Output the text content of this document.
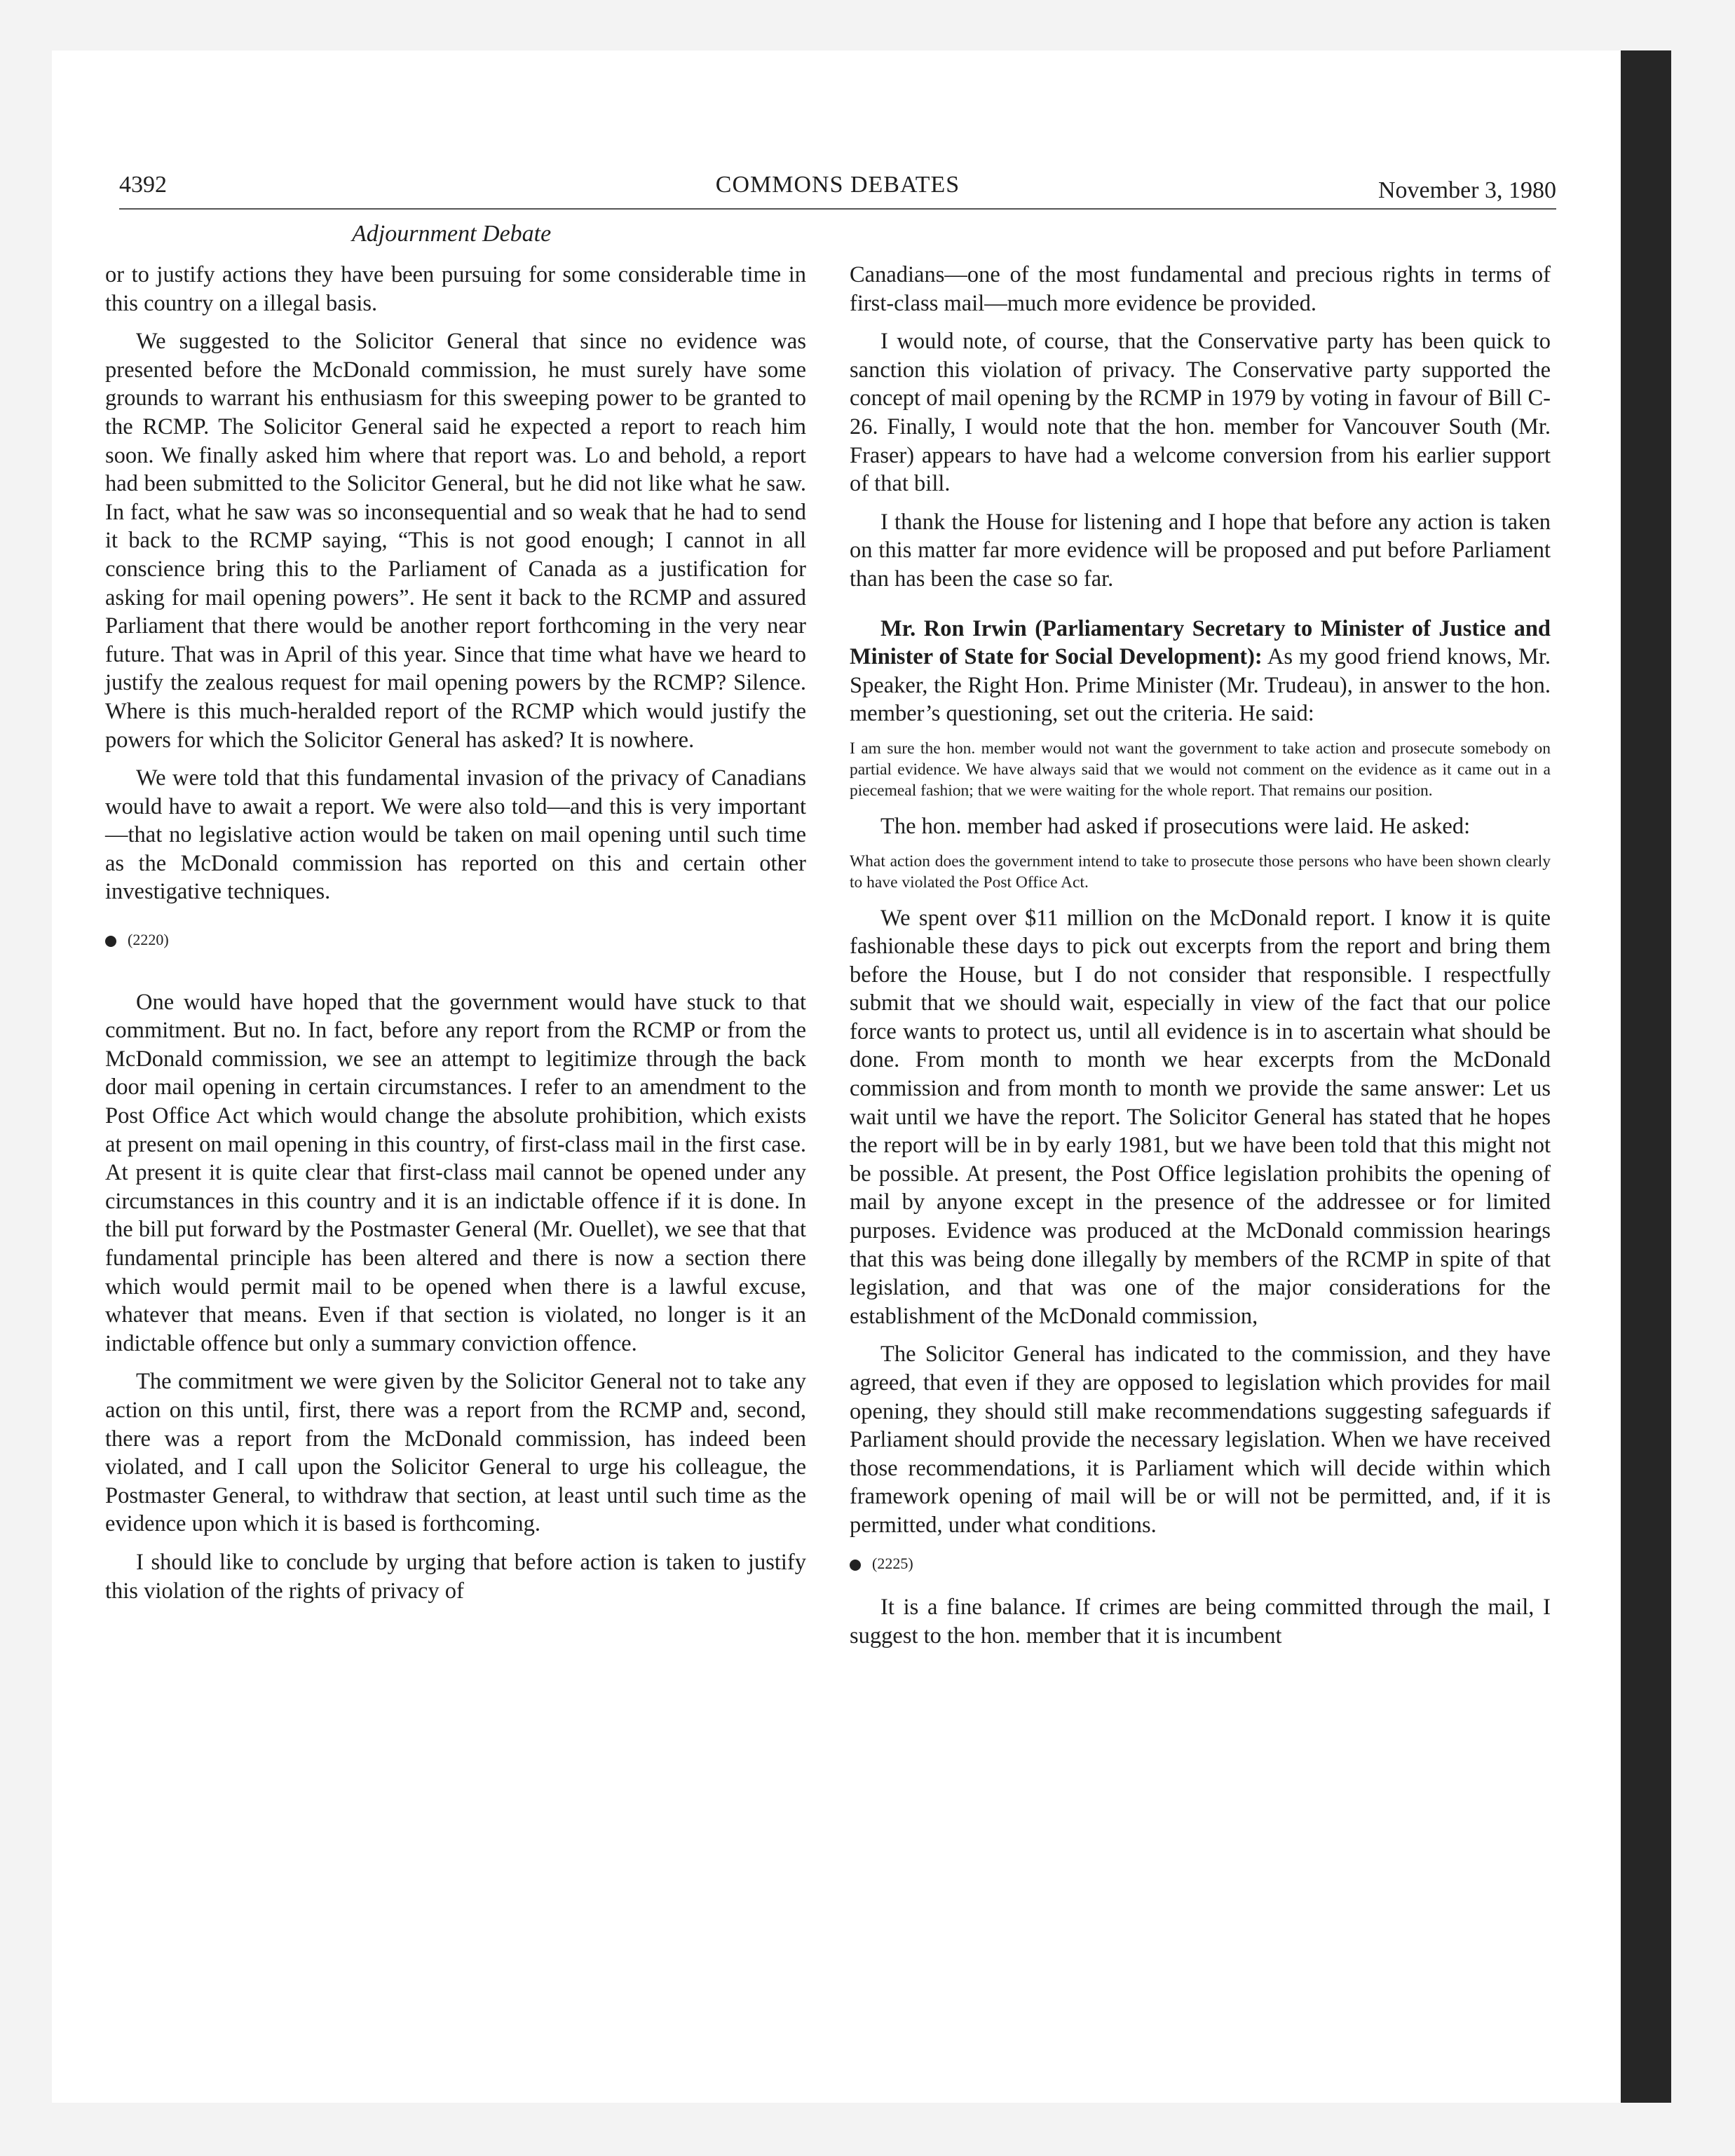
4392	COMMONS DEBATES	November 3, 1980
Adjournment Debate

or to justify actions they have been pursuing for some considerable time in this country on a illegal basis.

We suggested to the Solicitor General that since no evidence was presented before the McDonald commission, he must surely have some grounds to warrant his enthusiasm for this sweeping power to be granted to the RCMP. The Solicitor General said he expected a report to reach him soon. We finally asked him where that report was. Lo and behold, a report had been submitted to the Solicitor General, but he did not like what he saw. In fact, what he saw was so inconsequential and so weak that he had to send it back to the RCMP saying, “This is not good enough; I cannot in all conscience bring this to the Parliament of Canada as a justification for asking for mail opening powers”. He sent it back to the RCMP and assured Parliament that there would be another report forthcoming in the very near future. That was in April of this year. Since that time what have we heard to justify the zealous request for mail opening powers by the RCMP? Silence. Where is this much-heralded report of the RCMP which would justify the powers for which the Solicitor General has asked? It is nowhere.

We were told that this fundamental invasion of the privacy of Canadians would have to await a report. We were also told—and this is very important—that no legislative action would be taken on mail opening until such time as the McDonald commission has reported on this and certain other investigative techniques.

(2220)

One would have hoped that the government would have stuck to that commitment. But no. In fact, before any report from the RCMP or from the McDonald commission, we see an attempt to legitimize through the back door mail opening in certain circumstances. I refer to an amendment to the Post Office Act which would change the absolute prohibition, which exists at present on mail opening in this country, of first-class mail in the first case. At present it is quite clear that first-class mail cannot be opened under any circumstances in this country and it is an indictable offence if it is done. In the bill put forward by the Postmaster General (Mr. Ouellet), we see that that fundamental principle has been altered and there is now a section there which would permit mail to be opened when there is a lawful excuse, whatever that means. Even if that section is violated, no longer is it an indictable offence but only a summary conviction offence.

The commitment we were given by the Solicitor General not to take any action on this until, first, there was a report from the RCMP and, second, there was a report from the McDonald commission, has indeed been violated, and I call upon the Solicitor General to urge his colleague, the Postmaster General, to withdraw that section, at least until such time as the evidence upon which it is based is forthcoming.

I should like to conclude by urging that before action is taken to justify this violation of the rights of privacy of

Canadians—one of the most fundamental and precious rights in terms of first-class mail—much more evidence be provided.

I would note, of course, that the Conservative party has been quick to sanction this violation of privacy. The Conservative party supported the concept of mail opening by the RCMP in 1979 by voting in favour of Bill C-26. Finally, I would note that the hon. member for Vancouver South (Mr. Fraser) appears to have had a welcome conversion from his earlier support of that bill.

I thank the House for listening and I hope that before any action is taken on this matter far more evidence will be proposed and put before Parliament than has been the case so far.

Mr. Ron Irwin (Parliamentary Secretary to Minister of Justice and Minister of State for Social Development): As my good friend knows, Mr. Speaker, the Right Hon. Prime Minister (Mr. Trudeau), in answer to the hon. member’s questioning, set out the criteria. He said:

I am sure the hon. member would not want the government to take action and prosecute somebody on partial evidence. We have always said that we would not comment on the evidence as it came out in a piecemeal fashion; that we were waiting for the whole report. That remains our position.

The hon. member had asked if prosecutions were laid. He asked:

What action does the government intend to take to prosecute those persons who have been shown clearly to have violated the Post Office Act.

We spent over $11 million on the McDonald report. I know it is quite fashionable these days to pick out excerpts from the report and bring them before the House, but I do not consider that responsible. I respectfully submit that we should wait, especially in view of the fact that our police force wants to protect us, until all evidence is in to ascertain what should be done. From month to month we hear excerpts from the McDonald commission and from month to month we provide the same answer: Let us wait until we have the report. The Solicitor General has stated that he hopes the report will be in by early 1981, but we have been told that this might not be possible. At present, the Post Office legislation prohibits the opening of mail by anyone except in the presence of the addressee or for limited purposes. Evidence was produced at the McDonald commission hearings that this was being done illegally by members of the RCMP in spite of that legislation, and that was one of the major considerations for the establishment of the McDonald commission,

The Solicitor General has indicated to the commission, and they have agreed, that even if they are opposed to legislation which provides for mail opening, they should still make recommendations suggesting safeguards if Parliament should provide the necessary legislation. When we have received those recommendations, it is Parliament which will decide within which framework opening of mail will be or will not be permitted, and, if it is permitted, under what conditions.

(2225)

It is a fine balance. If crimes are being committed through the mail, I suggest to the hon. member that it is incumbent
